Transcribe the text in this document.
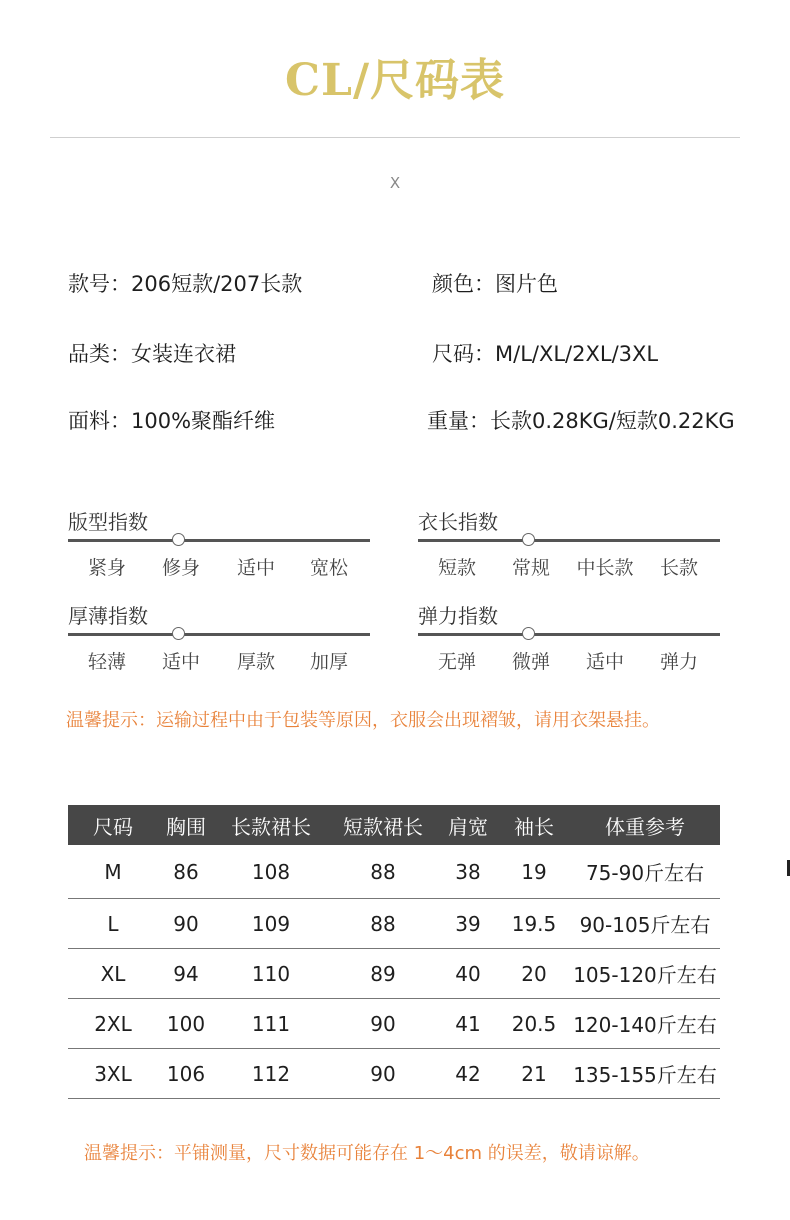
CL/尺码表
X
款号：206短款/207长款	颜色：图片色
品类：女装连衣裙	尺码：M/L/XL/2XL/3XL
面料：100%聚酯纤维	重量：长款0.28KG/短款0.22KG
版型指数
紧身	修身	适中	宽松
衣长指数
短款	常规	中长款	长款
厚薄指数
轻薄	适中	厚款	加厚
弹力指数
无弹	微弹	适中	弹力
温馨提示：运输过程中由于包装等原因，衣服会出现褶皱，请用衣架悬挂。
尺码	胸围	长款裙长	短款裙长	肩宽	袖长	体重参考
M	86	108	88	38	19	75-90斤左右
L	90	109	88	39	19.5	90-105斤左右
XL	94	110	89	40	20	105-120斤左右
2XL	100	111	90	41	20.5	120-140斤左右
3XL	106	112	90	42	21	135-155斤左右
温馨提示：平铺测量，尺寸数据可能存在 1～4cm 的误差，敬请谅解。
